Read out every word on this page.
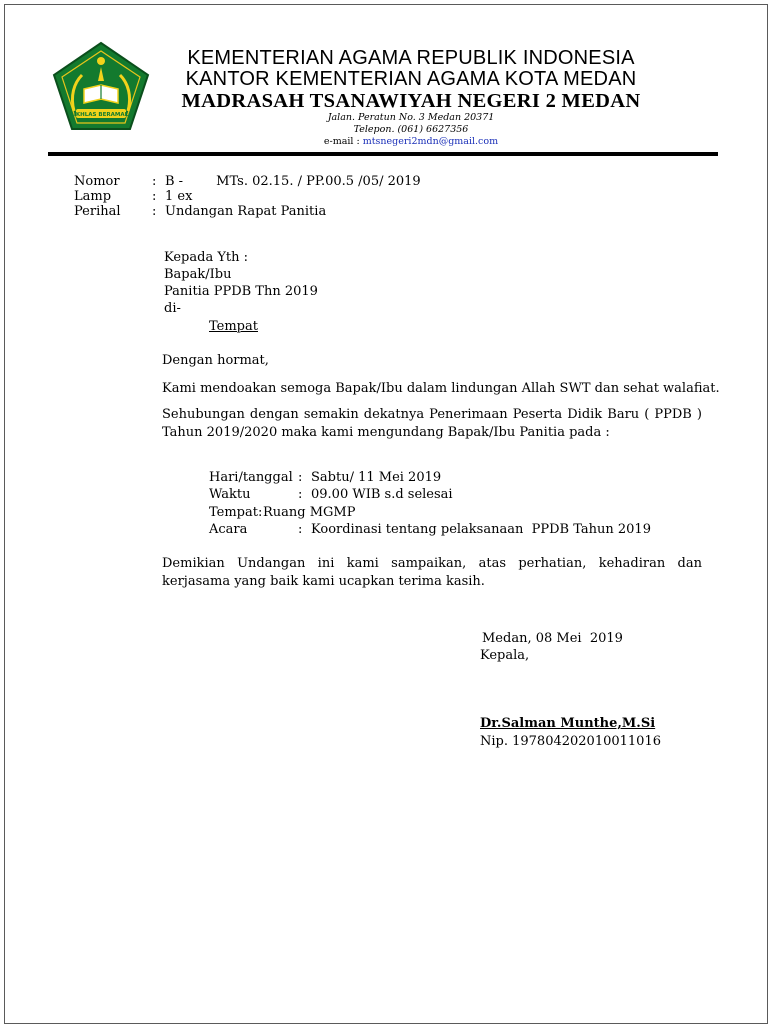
IKHLAS BERAMAL
KEMENTERIAN AGAMA REPUBLIK INDONESIA
KANTOR KEMENTERIAN AGAMA KOTA MEDAN
MADRASAH TSANAWIYAH NEGERI 2 MEDAN
Jalan. Peratun No. 3 Medan 20371
Telepon. (061) 6627356
e-mail : mtsnegeri2mdn@gmail.com
Nomor : B -        MTs. 02.15. / PP.00.5 /05/ 2019
Lamp	: 1 ex
Perihal : Undangan Rapat Panitia
Kepada Yth :
Bapak/Ibu
Panitia PPDB Thn 2019
di-
Tempat
Dengan hormat,
Kami mendoakan semoga Bapak/Ibu dalam lindungan Allah SWT dan sehat walafiat.
Sehubungan dengan semakin dekatnya Penerimaan Peserta Didik Baru ( PPDB ) Tahun 2019/2020 maka kami mengundang Bapak/Ibu Panitia pada :
Hari/tanggal : Sabtu/ 11 Mei 2019
Waktu	: 09.00 WIB s.d selesai
Tempat: Ruang MGMP
Acara	: Koordinasi tentang pelaksanaan  PPDB Tahun 2019
Demikian Undangan ini kami sampaikan, atas perhatian, kehadiran dan kerjasama yang baik kami ucapkan terima kasih.
Medan, 08 Mei  2019
Kepala,
Dr.Salman Munthe,M.Si
Nip. 197804202010011016
